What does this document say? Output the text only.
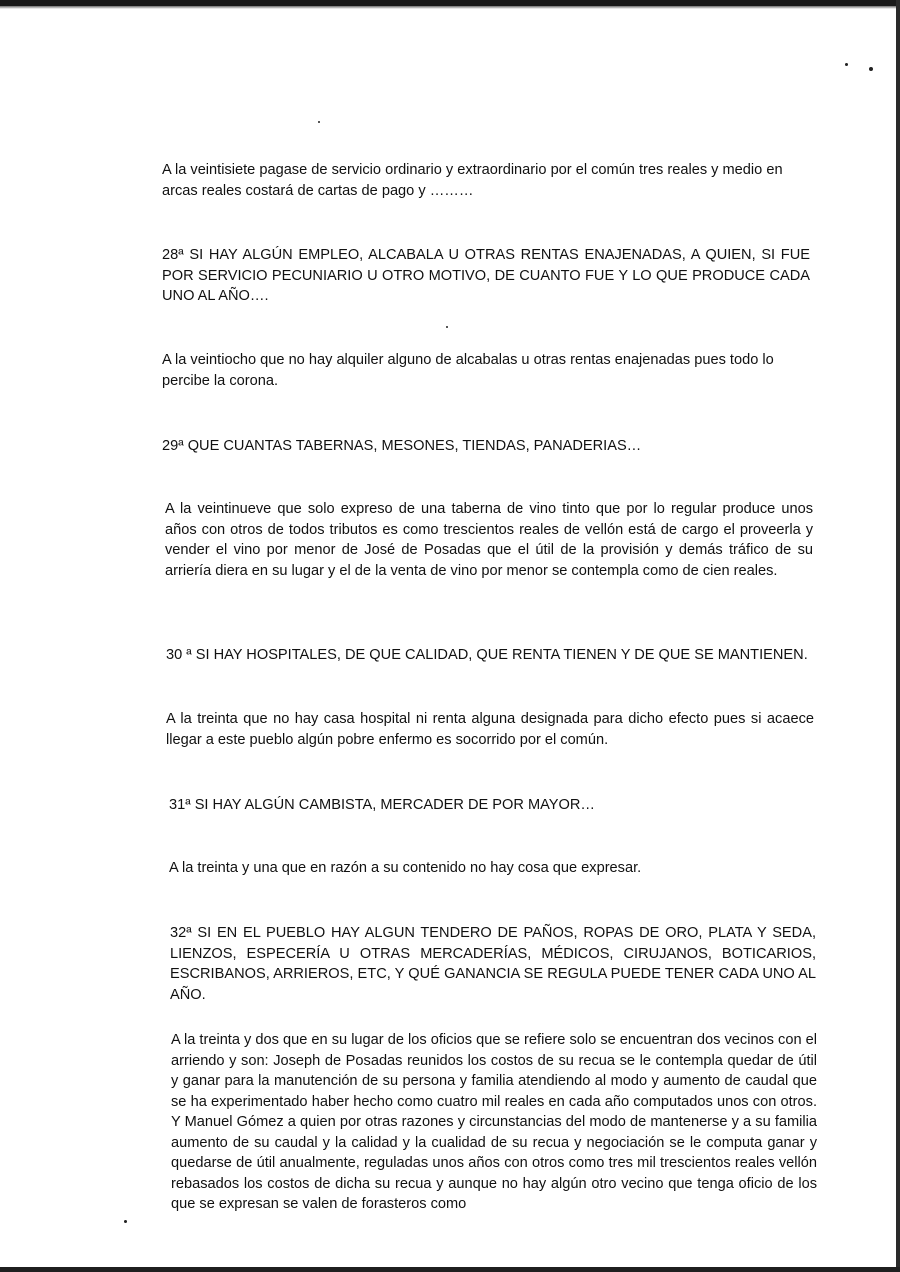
A la veintisiete pagase de servicio ordinario y extraordinario por el común tres reales y medio en arcas reales costará de cartas de pago y ………

28ª SI HAY ALGÚN EMPLEO, ALCABALA U OTRAS RENTAS ENAJENADAS, A QUIEN, SI FUE POR SERVICIO PECUNIARIO U OTRO MOTIVO, DE CUANTO FUE Y LO QUE PRODUCE CADA UNO AL AÑO….

A la veintiocho que no hay alquiler alguno de alcabalas u otras rentas enajenadas pues todo lo percibe la corona.

29ª QUE CUANTAS TABERNAS, MESONES, TIENDAS, PANADERIAS…

A la veintinueve que solo expreso de una taberna de vino tinto que por lo regular produce unos años con otros de todos tributos es como trescientos reales de vellón está de cargo el proveerla y vender el vino por menor de José de Posadas que el útil de la provisión y demás tráfico de su arriería diera en su lugar y el de la venta de vino por menor se contempla como de cien reales.

30 ª SI HAY HOSPITALES, DE QUE CALIDAD, QUE RENTA TIENEN Y DE QUE SE MANTIENEN.

A la treinta que no hay casa hospital ni renta alguna designada para dicho efecto pues si acaece llegar a este pueblo algún pobre enfermo es socorrido por el común.

31ª SI HAY ALGÚN CAMBISTA, MERCADER DE POR MAYOR…

A la treinta y una que en razón a su contenido no hay cosa que expresar.

32ª SI EN EL PUEBLO HAY ALGUN TENDERO DE PAÑOS, ROPAS DE ORO, PLATA Y SEDA, LIENZOS, ESPECERÍA U OTRAS MERCADERÍAS, MÉDICOS, CIRUJANOS, BOTICARIOS, ESCRIBANOS, ARRIEROS, ETC, Y QUÉ GANANCIA SE REGULA PUEDE TENER CADA UNO AL AÑO.

A la treinta y dos que en su lugar de los oficios que se refiere solo se encuentran dos vecinos con el arriendo y son: Joseph de Posadas reunidos los costos de su recua se le contempla quedar de útil y ganar para la manutención de su persona y familia atendiendo al modo y aumento de caudal que se ha experimentado haber hecho como cuatro mil reales en cada año computados unos con otros. Y Manuel Gómez a quien por otras razones y circunstancias del modo de mantenerse y a su familia aumento de su caudal y la calidad y la cualidad de su recua y negociación se le computa ganar y quedarse de útil anualmente, reguladas unos años con otros como tres mil trescientos reales vellón rebasados los costos de dicha su recua y aunque no hay algún otro vecino que tenga oficio de los que se expresan se valen de forasteros como
